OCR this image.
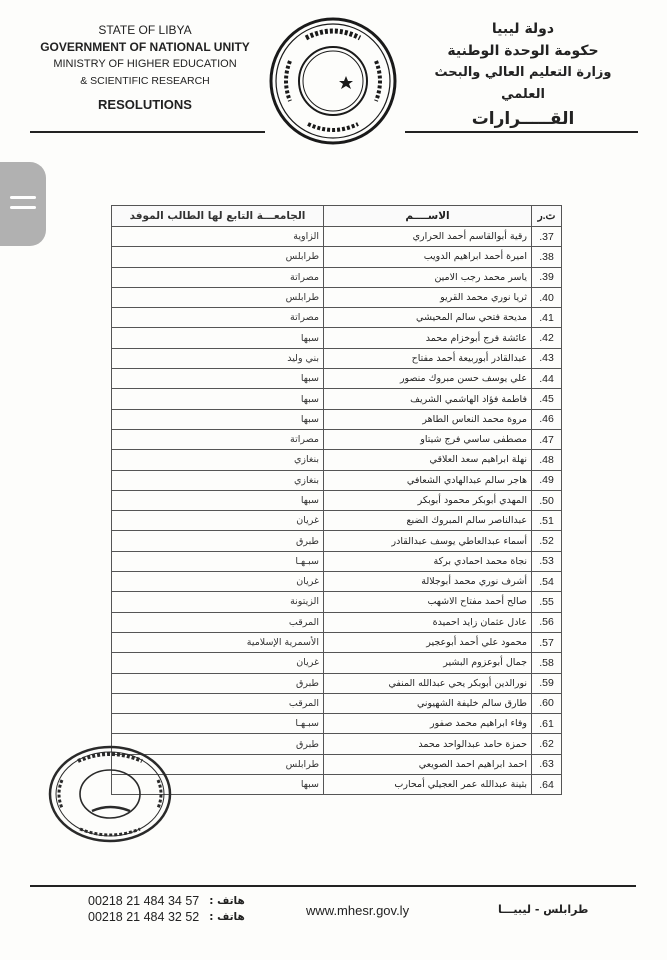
STATE OF LIBYA
GOVERNMENT OF NATIONAL UNITY
MINISTRY OF HIGHER EDUCATION
& SCIENTIFIC RESEARCH
RESOLUTIONS
دولة ليبيا
حكومة الوحدة الوطنية
وزارة التعليم العالي والبحث العلمي
القـــــرارات
ت.ر	الاســــم	الجامعـــة التابع لها الطالب الموفد
37.	رقية أبوالقاسم أحمد الحراري	الزاوية
38.	اميرة أحمد ابراهيم الدويب	طرابلس
39.	ياسر محمد رجب الامين	مصراتة
40.	ثريا نوري محمد القريو	طرابلس
41.	مديحة فتحي سالم المحيشي	مصراتة
42.	عائشة فرج أبوخزام محمد	سبها
43.	عبدالقادر أبوربيعة أحمد مفتاح	بني وليد
44.	علي يوسف حسن مبروك منصور	سبها
45.	فاطمة فؤاد الهاشمي الشريف	سبها
46.	مروة محمد النعاس الطاهر	سبها
47.	مصطفى ساسي فرج شيتاو	مصراتة
48.	نهلة ابراهيم سعد العلاقي	بنغازي
49.	هاجر سالم عبدالهادي الشعافي	بنغازي
50.	المهدي أبوبكر محمود أبوبكر	سبها
51.	عبدالناصر سالم المبروك الضبع	غريان
52.	أسماء عبدالعاطي يوسف عبدالقادر	طبرق
53.	نجاة محمد احمادي بركة	سبـهـا
54.	أشرف نوري محمد أبوجلالة	غريان
55.	صالح أحمد مفتاح الاشهب	الزيتونة
56.	عادل عثمان زايد احميدة	المرقب
57.	محمود علي أحمد أبوعجير	الأسمرية الإسلامية
58.	جمال أبوعزوم البشير	غريان
59.	نورالدين أبوبكر يحي عبدالله المنفي	طبرق
60.	طارق سالم خليفة الشهيوني	المرقب
61.	وفاء ابراهيم محمد صفور	سبـهـا
62.	حمزة حامد عبدالواحد محمد	طبرق
63.	احمد ابراهيم احمد الصويعي	طرابلس
64.	بثينة عبدالله عمر العجيلي أمحارب	سبها
00218 21 484 34 57 هاتف :
00218 21 484 32 52 هاتف :	www.mhesr.gov.ly	طرابلس - ليبيـــا
